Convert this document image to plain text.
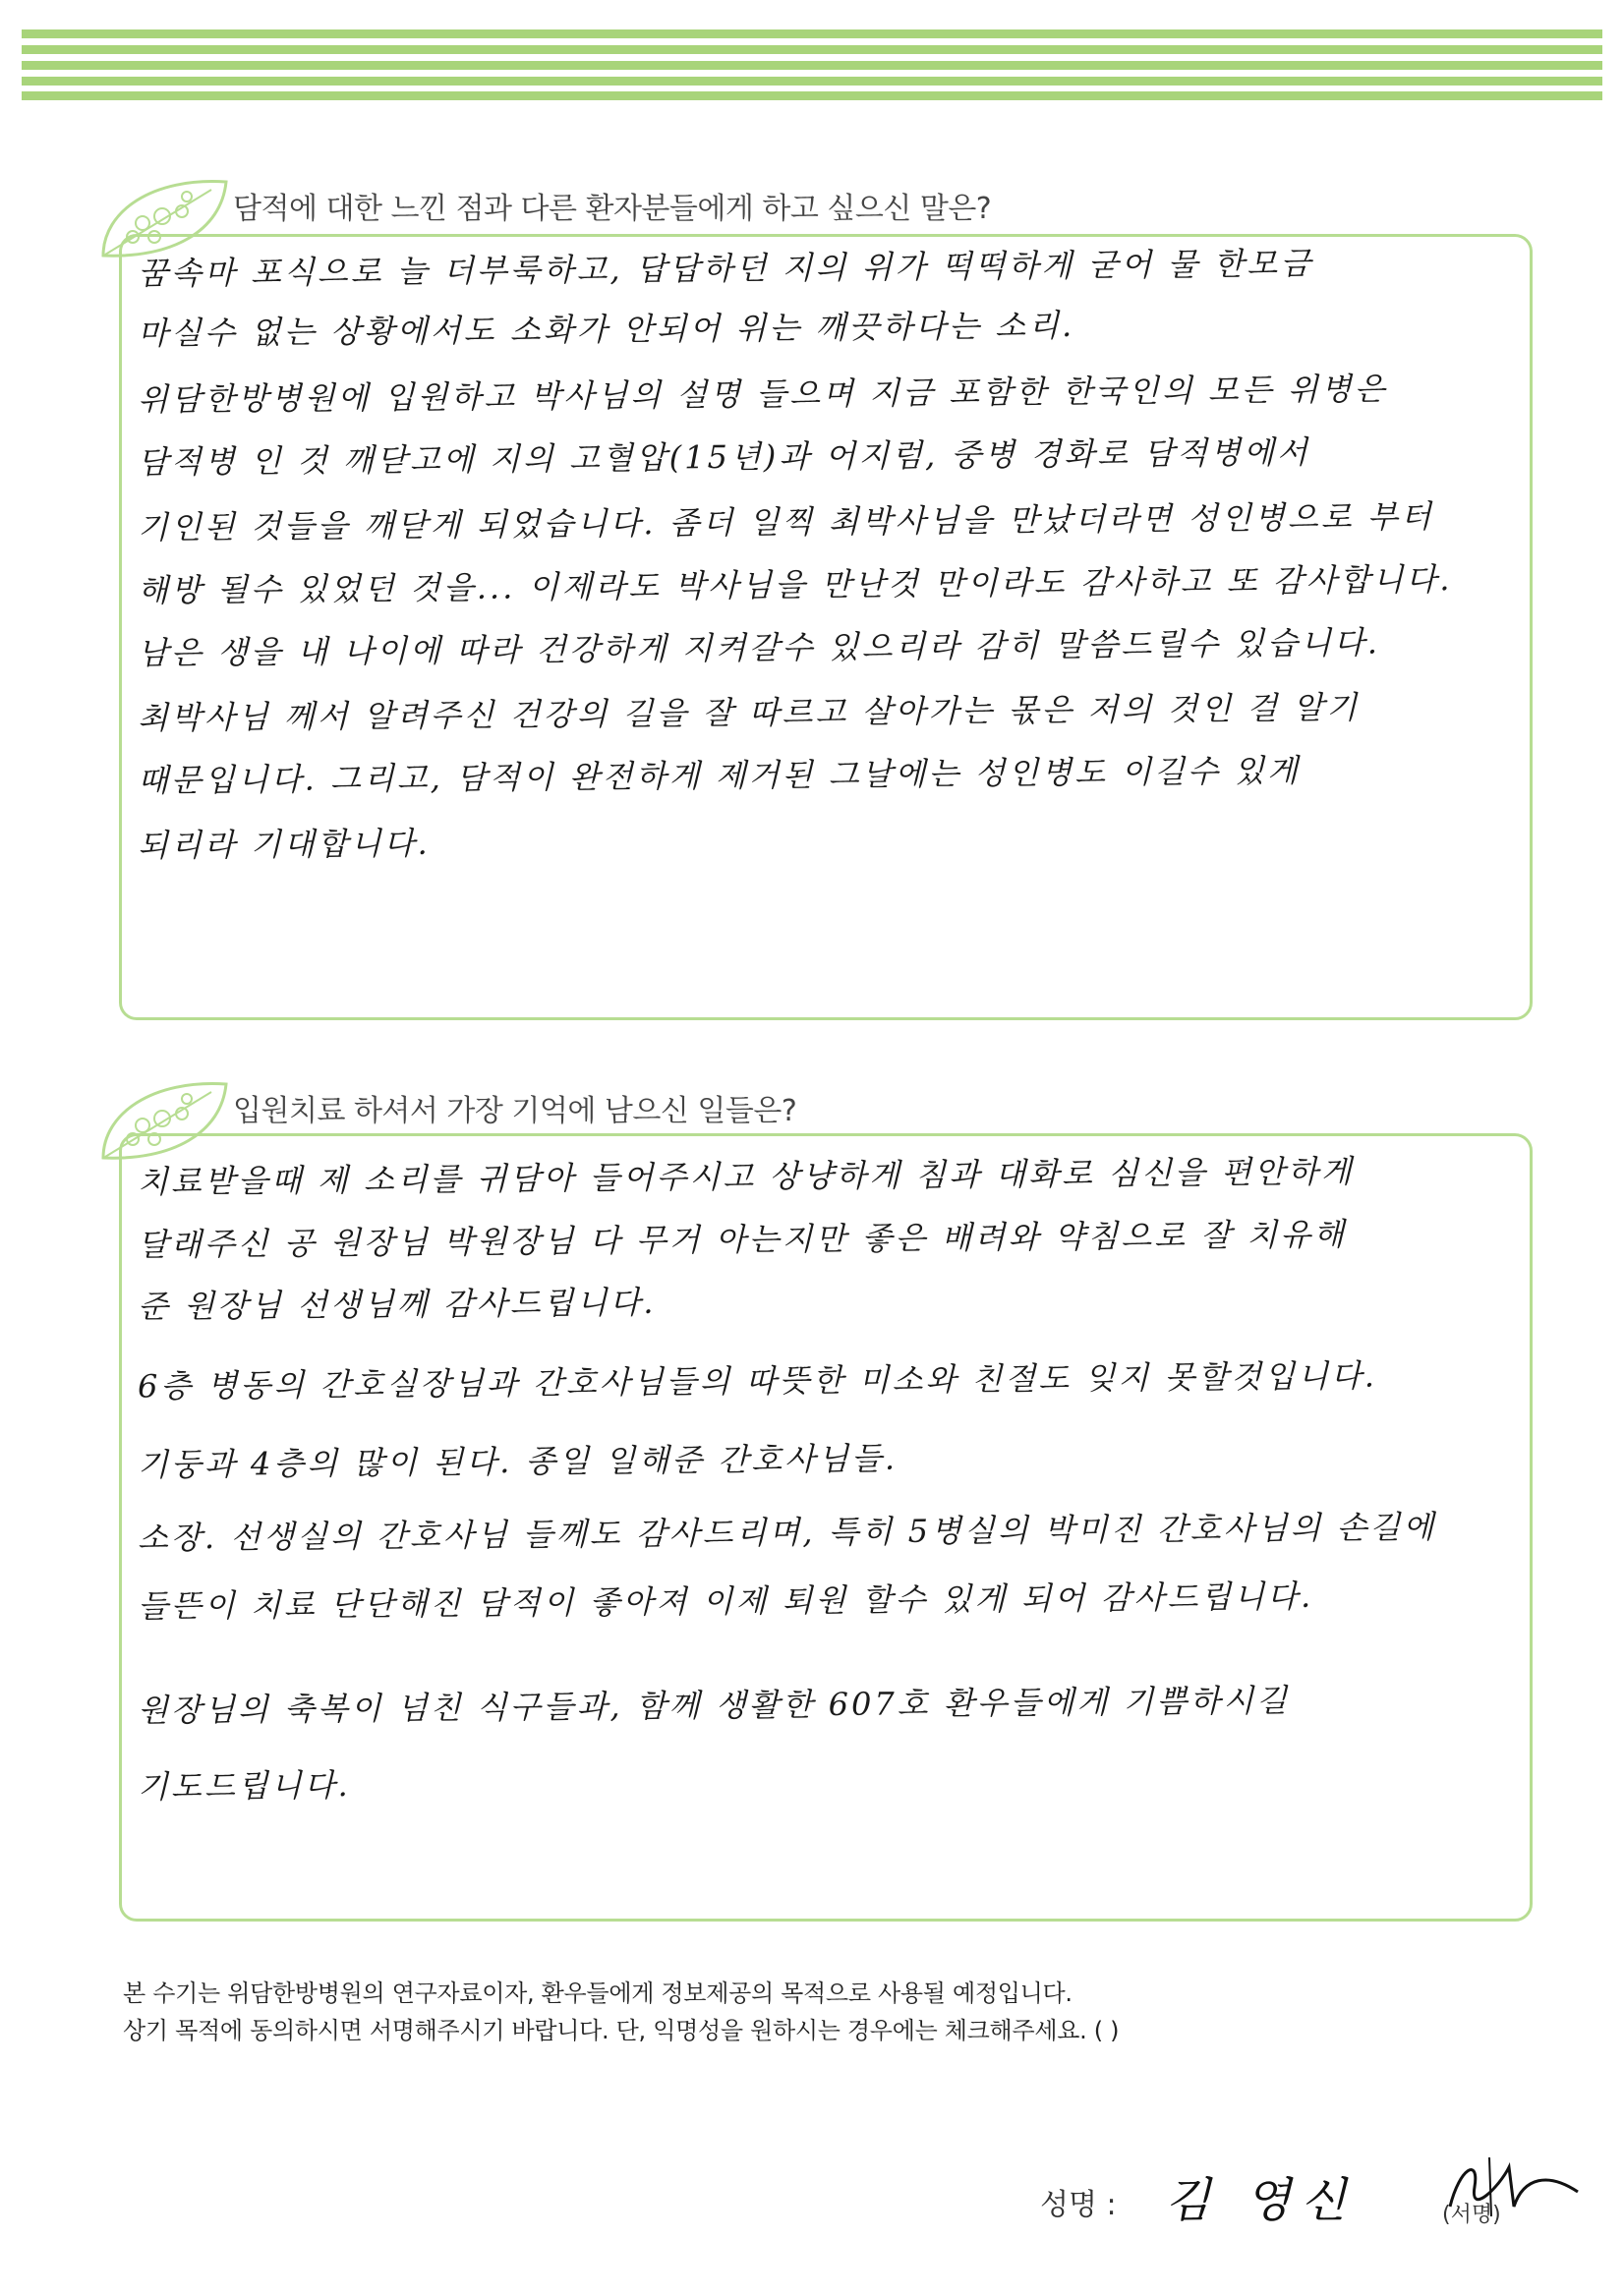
담적에 대한 느낀 점과 다른 환자분들에게 하고 싶으신 말은?
꿈속마 포식으로 늘 더부룩하고, 답답하던 지의 위가 떡떡하게 굳어 물 한모금
마실수 없는 상황에서도 소화가 안되어 위는 깨끗하다는 소리.
위담한방병원에 입원하고 박사님의 설명 들으며 지금 포함한 한국인의 모든 위병은
담적병 인 것 깨닫고에 지의 고혈압(15년)과 어지럼, 중병 경화로 담적병에서
기인된 것들을 깨닫게 되었습니다. 좀더 일찍 최박사님을 만났더라면 성인병으로 부터
해방 될수 있었던 것을... 이제라도 박사님을 만난것 만이라도 감사하고 또 감사합니다.
남은 생을 내 나이에 따라 건강하게 지켜갈수 있으리라 감히 말씀드릴수 있습니다.
최박사님 께서 알려주신 건강의 길을 잘 따르고 살아가는 몫은 저의 것인 걸 알기
때문입니다. 그리고, 담적이 완전하게 제거된 그날에는 성인병도 이길수 있게
되리라 기대합니다.
입원치료 하셔서 가장 기억에 남으신 일들은?
치료받을때 제 소리를 귀담아 들어주시고 상냥하게 침과 대화로 심신을 편안하게
달래주신 공 원장님 박원장님 다 무거 아는지만 좋은 배려와 약침으로 잘 치유해
준 원장님 선생님께 감사드립니다.
6층 병동의 간호실장님과 간호사님들의 따뜻한 미소와 친절도 잊지 못할것입니다.
기둥과 4층의 많이 된다. 종일 일해준 간호사님들.
소장. 선생실의 간호사님 들께도 감사드리며, 특히 5병실의 박미진 간호사님의 손길에
들뜬이 치료 단단해진 담적이 좋아져 이제 퇴원 할수 있게 되어 감사드립니다.
원장님의 축복이 넘친 식구들과, 함께 생활한 607호 환우들에게 기쁨하시길
기도드립니다.
본 수기는 위담한방병원의 연구자료이자, 환우들에게 정보제공의 목적으로 사용될 예정입니다.
상기 목적에 동의하시면 서명해주시기 바랍니다. 단, 익명성을 원하시는 경우에는 체크해주세요. ( )
성명 : 김 영신	(서명)
